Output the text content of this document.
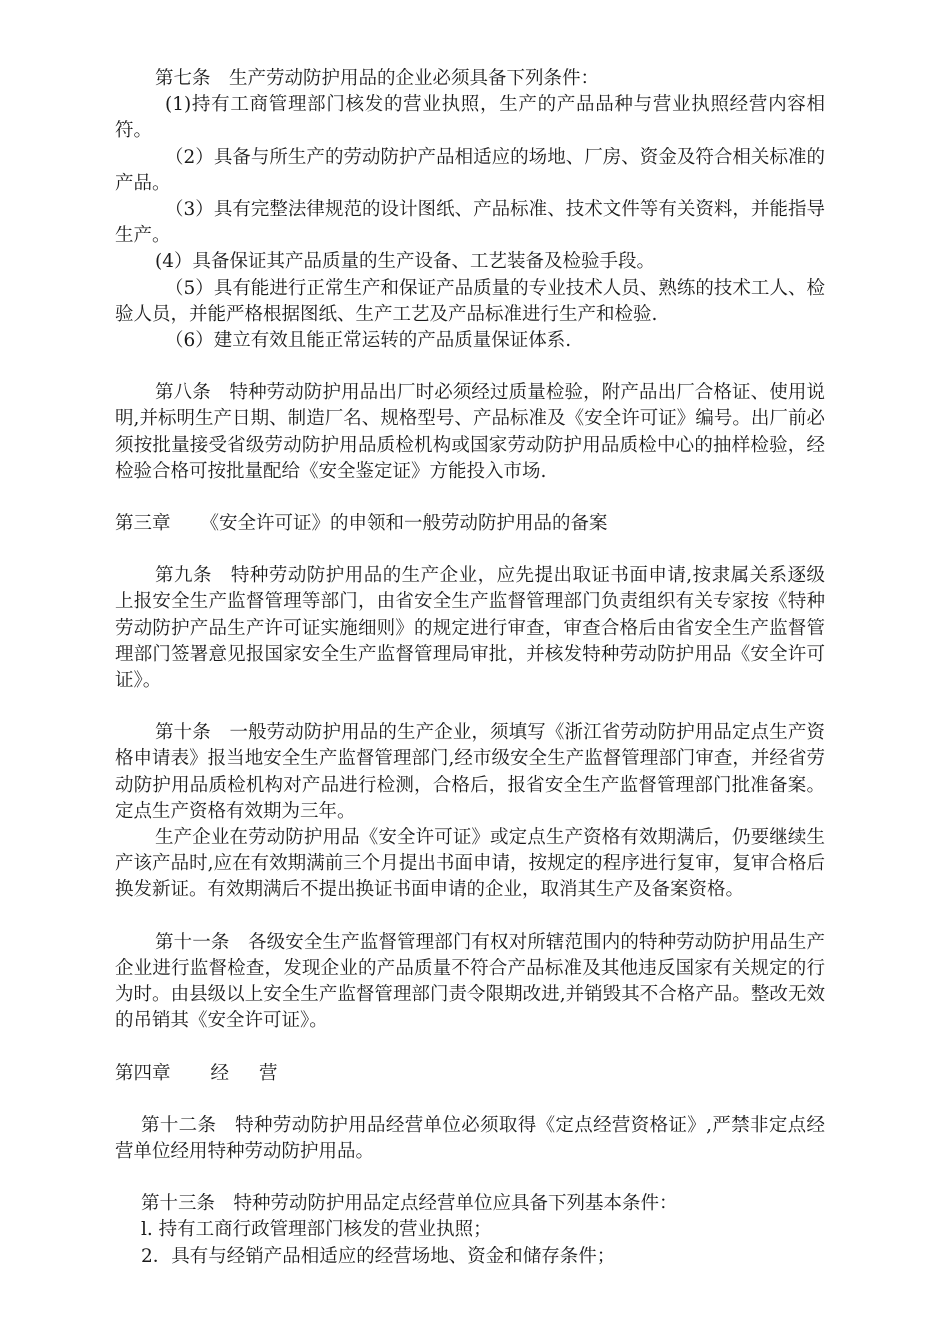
第七条　生产劳动防护用品的企业必须具备下列条件：

(1)持有工商管理部门核发的营业执照，生产的产品品种与营业执照经营内容相符。

（2）具备与所生产的劳动防护产品相适应的场地、厂房、资金及符合相关标准的产品。

（3）具有完整法律规范的设计图纸、产品标准、技术文件等有关资料，并能指导生产。

(4）具备保证其产品质量的生产设备、工艺装备及检验手段。

（5）具有能进行正常生产和保证产品质量的专业技术人员、熟练的技术工人、检验人员，并能严格根据图纸、生产工艺及产品标准进行生产和检验.

（6）建立有效且能正常运转的产品质量保证体系.

第八条　特种劳动防护用品出厂时必须经过质量检验，附产品出厂合格证、使用说明,并标明生产日期、制造厂名、规格型号、产品标准及《安全许可证》编号。出厂前必须按批量接受省级劳动防护用品质检机构或国家劳动防护用品质检中心的抽样检验，经检验合格可按批量配给《安全鉴定证》方能投入市场.

第三章 《安全许可证》的申领和一般劳动防护用品的备案

第九条　特种劳动防护用品的生产企业，应先提出取证书面申请,按隶属关系逐级上报安全生产监督管理等部门，由省安全生产监督管理部门负责组织有关专家按《特种劳动防护产品生产许可证实施细则》的规定进行审查，审查合格后由省安全生产监督管理部门签署意见报国家安全生产监督管理局审批，并核发特种劳动防护用品《安全许可证》。

第十条　一般劳动防护用品的生产企业，须填写《浙江省劳动防护用品定点生产资格申请表》报当地安全生产监督管理部门,经市级安全生产监督管理部门审查，并经省劳动防护用品质检机构对产品进行检测，合格后，报省安全生产监督管理部门批准备案。定点生产资格有效期为三年。

生产企业在劳动防护用品《安全许可证》或定点生产资格有效期满后，仍要继续生产该产品时,应在有效期满前三个月提出书面申请，按规定的程序进行复审，复审合格后换发新证。有效期满后不提出换证书面申请的企业，取消其生产及备案资格。

第十一条　各级安全生产监督管理部门有权对所辖范围内的特种劳动防护用品生产企业进行监督检查，发现企业的产品质量不符合产品标准及其他违反国家有关规定的行为时。由县级以上安全生产监督管理部门责令限期改进,并销毁其不合格产品。整改无效的吊销其《安全许可证》。

第四章 经 营

第十二条　特种劳动防护用品经营单位必须取得《定点经营资格证》,严禁非定点经营单位经用特种劳动防护用品。

第十三条　特种劳动防护用品定点经营单位应具备下列基本条件：

l. 持有工商行政管理部门核发的营业执照；

2．具有与经销产品相适应的经营场地、资金和储存条件；
